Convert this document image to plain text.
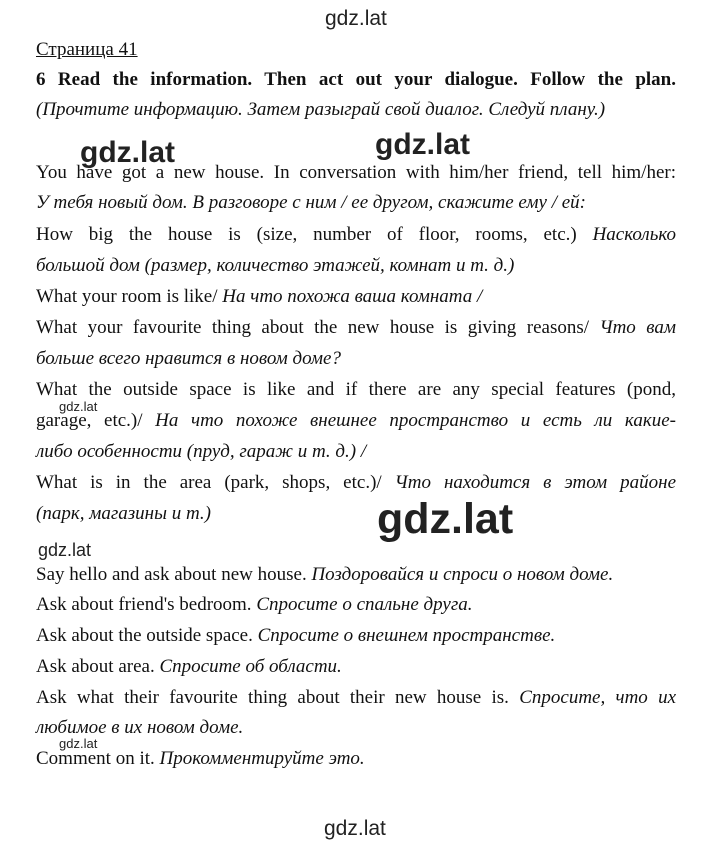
gdz.lat
gdz.lat	gdz.lat
gdz.lat
gdz.lat
gdz.lat
gdz.lat
gdz.lat
Страница 41
6 Read the information. Then act out your dialogue. Follow the plan.
(Прочтите информацию. Затем разыграй свой диалог. Следуй плану.)
You have got a new house. In conversation with him/her friend, tell him/her:
У тебя новый дом. В разговоре с ним / ее другом, скажите ему / ей:
How big the house is (size, number of floor, rooms, etc.) Насколько
большой дом (размер, количество этажей, комнат и т. д.)
What your room is like/ На что похожа ваша комната /
What your favourite thing about the new house is giving reasons/ Что вам
больше всего нравится в новом доме?
What the outside space is like and if there are any special features (pond,
garage, etc.)/ На что похоже внешнее пространство и есть ли какие-
либо особенности (пруд, гараж и т. д.) /
What is in the area (park, shops, etc.)/ Что находится в этом районе
(парк, магазины и т.)
Say hello and ask about new house. Поздоровайся и спроси о новом доме.
Ask about friend's bedroom. Спросите о спальне друга.
Ask about the outside space. Спросите о внешнем пространстве.
Ask about area. Спросите об области.
Ask what their favourite thing about their new house is. Спросите, что их
любимое в их новом доме.
Comment on it. Прокомментируйте это.
